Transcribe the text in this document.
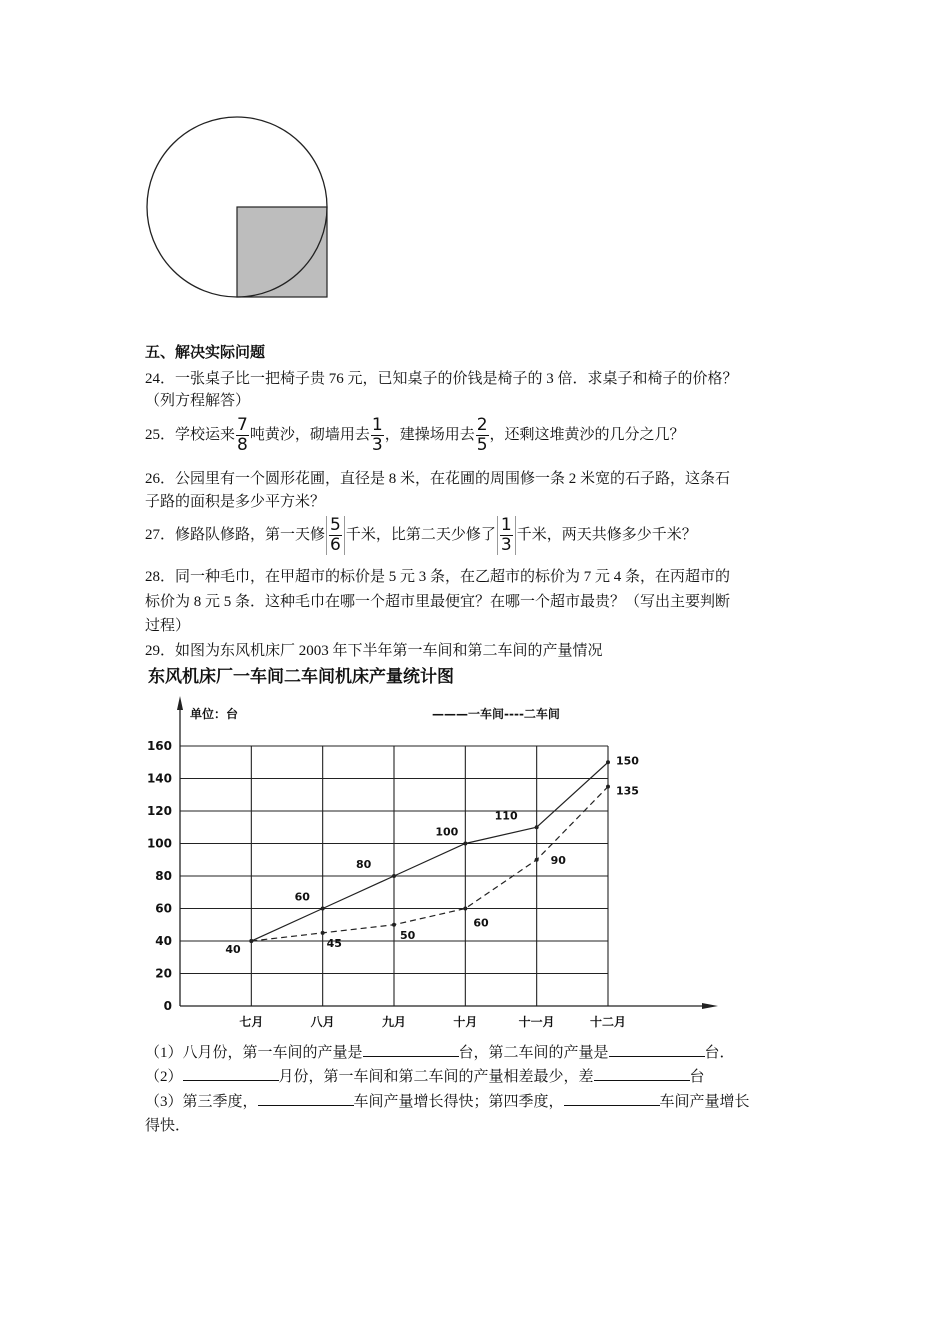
五、解决实际问题
24．一张桌子比一把椅子贵 76 元，已知桌子的价钱是椅子的 3 倍．求桌子和椅子的价格？
（列方程解答）
25．学校运来 $\frac{7}{8}$ 吨黄沙，砌墙用去 $\frac{1}{3}$ ，建操场用去 $\frac{2}{5}$ ，还剩这堆黄沙的几分之几？
26．公园里有一个圆形花圃，直径是 8 米，在花圃的周围修一条 2 米宽的石子路，这条石
子路的面积是多少平方米？
27．修路队修路，第一天修 $\frac{5}{6}$ 千米，比第二天少修了 $\frac{1}{3}$ 千米，两天共修多少千米？
28．同一种毛巾，在甲超市的标价是 5 元 3 条，在乙超市的标价为 7 元 4 条，在丙超市的
标价为 8 元 5 条．这种毛巾在哪一个超市里最便宜？在哪一个超市最贵？（写出主要判断
过程）
29．如图为东风机床厂 2003 年下半年第一车间和第二车间的产量情况
东风机床厂一车间二车间机床产量统计图
单位：台	———一车间----二车间
0
20
40
60
80
100
120
140
160
七月	八月	九月	十月	十一月	十二月
40
60
80
100
110
150
45
50
60
90
135
（1）八月份，第一车间的产量是	台，第二车间的产量是	台．
（2）	月份，第一车间和第二车间的产量相差最少，差	台
（3）第三季度，	车间产量增长得快；第四季度，	车间产量增长
得快．
